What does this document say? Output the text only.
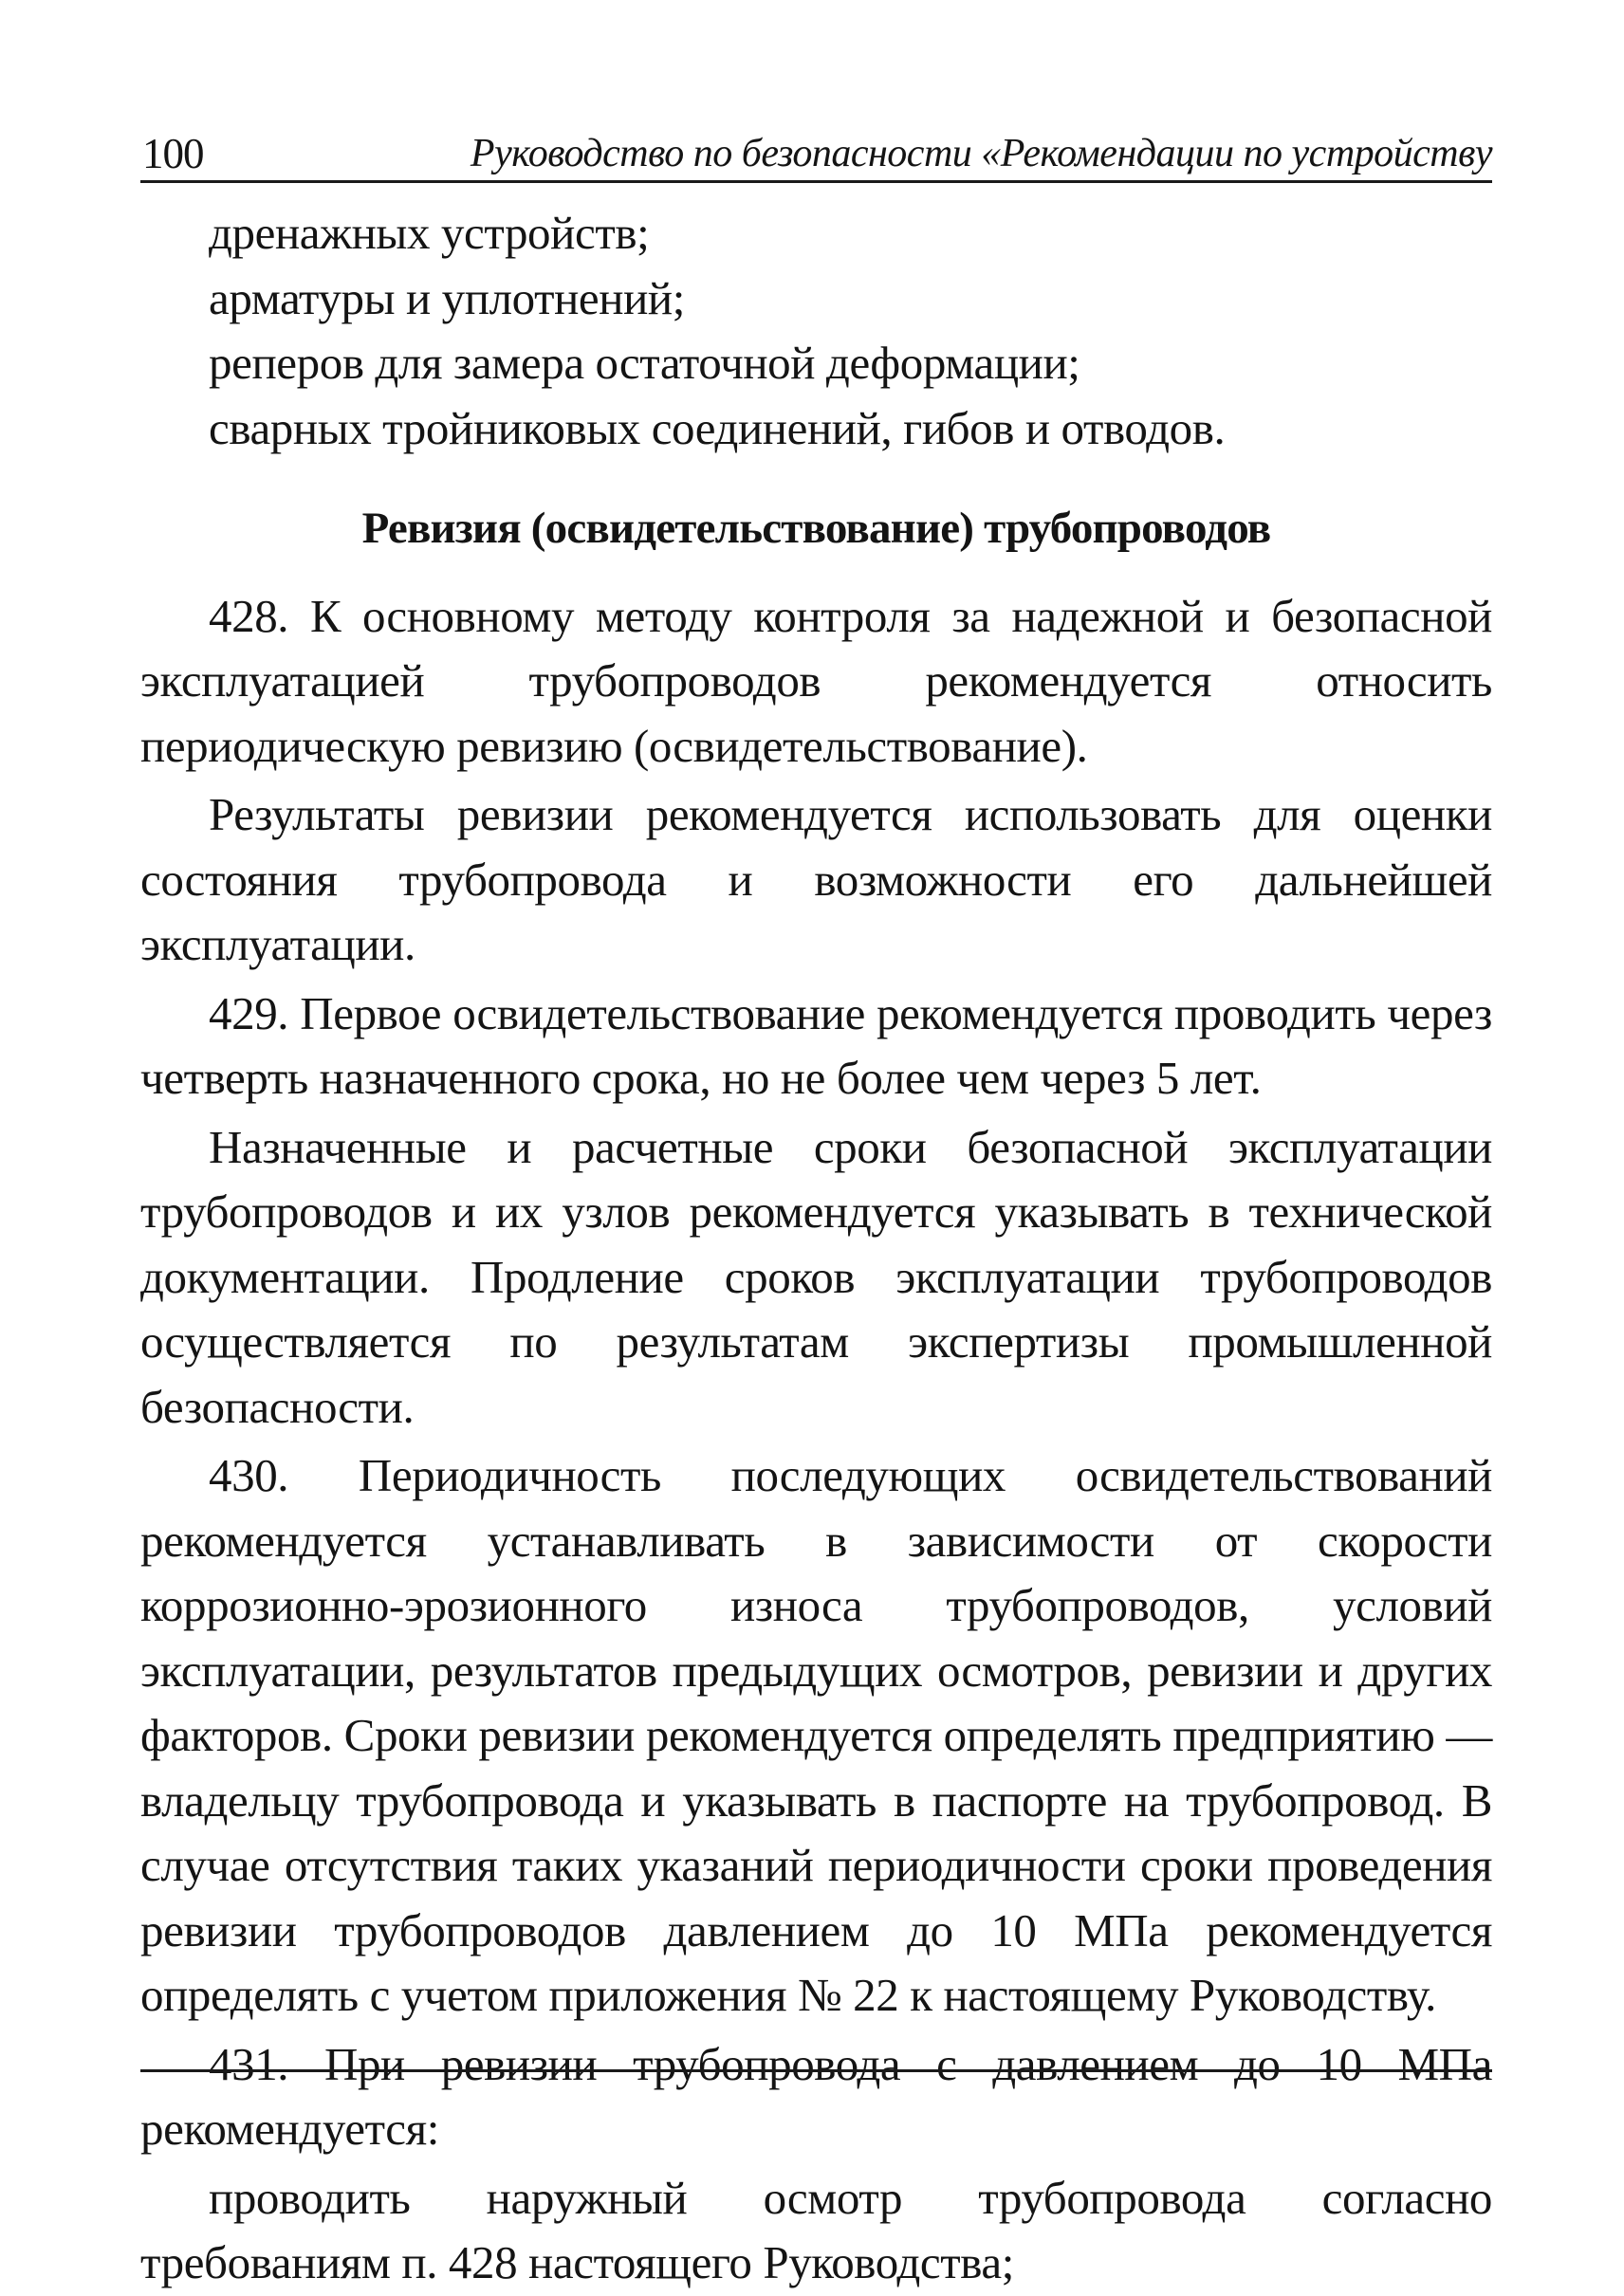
100	Руководство по безопасности «Рекомендации по устройству

дренажных устройств;

арматуры и уплотнений;

реперов для замера остаточной деформации;

сварных тройниковых соединений, гибов и отводов.

Ревизия (освидетельствование) трубопроводов

428. К основному методу контроля за надежной и безопасной эксплуатацией трубопроводов рекомендуется относить периодическую ревизию (освидетельствование).

Результаты ревизии рекомендуется использовать для оценки состояния трубопровода и возможности его дальнейшей эксплуатации.

429. Первое освидетельствование рекомендуется проводить через четверть назначенного срока, но не более чем через 5 лет.

Назначенные и расчетные сроки безопасной эксплуатации трубопроводов и их узлов рекомендуется указывать в технической документации. Продление сроков эксплуатации трубопроводов осуществляется по результатам экспертизы промышленной безопасности.

430. Периодичность последующих освидетельствований рекомендуется устанавливать в зависимости от скорости коррозионно-эрозионного износа трубопроводов, условий эксплуатации, результатов предыдущих осмотров, ревизии и других факторов. Сроки ревизии рекомендуется определять предприятию — владельцу трубопровода и указывать в паспорте на трубопровод. В случае отсутствия таких указаний периодичности сроки проведения ревизии трубопроводов давлением до 10 МПа рекомендуется определять с учетом приложения № 22 к настоящему Руководству.

431. При ревизии трубопровода с давлением до 10 МПа рекомендуется:

проводить наружный осмотр трубопровода согласно требованиям п. 428 настоящего Руководства;
